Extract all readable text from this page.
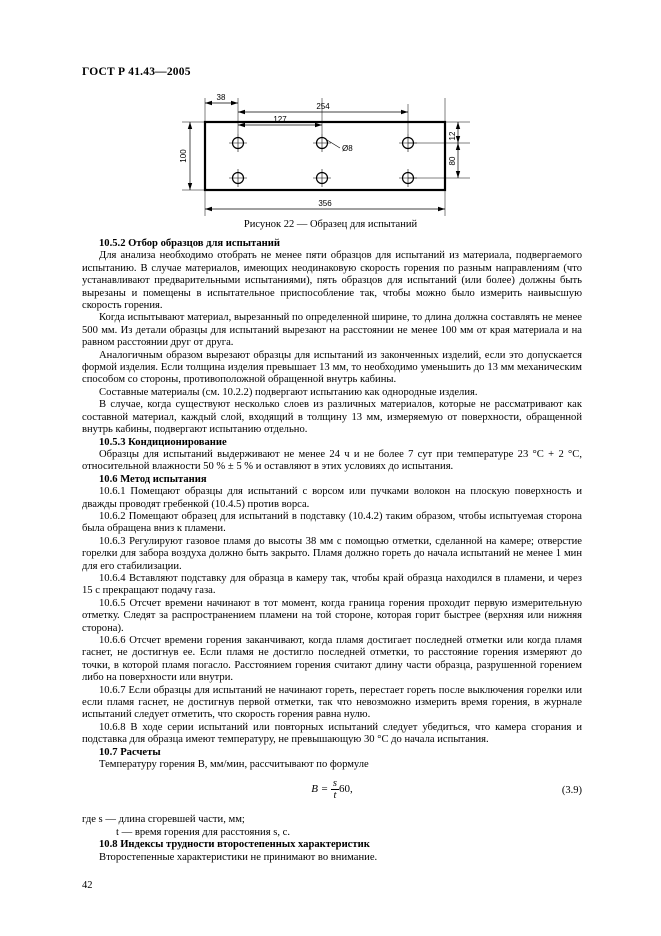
ГОСТ Р 41.43—2005
38
254
127
Ø8
12
80
100
356
Рисунок 22 — Образец для испытаний

10.5.2 Отбор образцов для испытаний

Для анализа необходимо отобрать не менее пяти образцов для испытаний из материала, подвергаемого испытанию. В случае материалов, имеющих неодинаковую скорость горения по разным направлениям (что устанавливают предварительными испытаниями), пять образцов для испытаний (или более) должны быть вырезаны и помещены в испытательное приспособление так, чтобы можно было измерить наивысшую скорость горения.

Когда испытывают материал, вырезанный по определенной ширине, то длина должна составлять не менее 500 мм. Из детали образцы для испытаний вырезают на расстоянии не менее 100 мм от края материала и на равном расстоянии друг от друга.

Аналогичным образом вырезают образцы для испытаний из законченных изделий, если это допускается формой изделия. Если толщина изделия превышает 13 мм, то необходимо уменьшить до 13 мм механическим способом со стороны, противоположной обращенной внутрь кабины.

Составные материалы (см. 10.2.2) подвергают испытанию как однородные изделия.

В случае, когда существуют несколько слоев из различных материалов, которые не рассматривают как составной материал, каждый слой, входящий в толщину 13 мм, измеряемую от поверхности, обращенной внутрь кабины, подвергают испытанию отдельно.

10.5.3 Кондиционирование

Образцы для испытаний выдерживают не менее 24 ч и не более 7 сут при температуре 23 °С + 2 °С, относительной влажности 50 % ± 5 % и оставляют в этих условиях до испытания.

10.6 Метод испытания

10.6.1 Помещают образцы для испытаний с ворсом или пучками волокон на плоскую поверхность и дважды проводят гребенкой (10.4.5) против ворса.

10.6.2 Помещают образец для испытаний в подставку (10.4.2) таким образом, чтобы испытуемая сторона была обращена вниз к пламени.

10.6.3 Регулируют газовое пламя до высоты 38 мм с помощью отметки, сделанной на камере; отверстие горелки для забора воздуха должно быть закрыто. Пламя должно гореть до начала испытаний не менее 1 мин для его стабилизации.

10.6.4 Вставляют подставку для образца в камеру так, чтобы край образца находился в пламени, и через 15 с прекращают подачу газа.

10.6.5 Отсчет времени начинают в тот момент, когда граница горения проходит первую измерительную отметку. Следят за распространением пламени на той стороне, которая горит быстрее (верхняя или нижняя сторона).

10.6.6 Отсчет времени горения заканчивают, когда пламя достигает последней отметки или когда пламя гаснет, не достигнув ее. Если пламя не достигло последней отметки, то расстояние горения измеряют до точки, в которой пламя погасло. Расстоянием горения считают длину части образца, разрушенной горением либо на поверхности или внутри.

10.6.7 Если образцы для испытаний не начинают гореть, перестает гореть после выключения горелки или если пламя гаснет, не достигнув первой отметки, так что невозможно измерить время горения, в журнале испытаний следует отметить, что скорость горения равна нулю.

10.6.8 В ходе серии испытаний или повторных испытаний следует убедиться, что камера сгорания и подставка для образца имеют температуру, не превышающую 30 °С до начала испытания.

10.7 Расчеты

Температуру горения В, мм/мин, рассчитывают по формуле

$B = \frac{s}{t} 60$,	(3.9)

где s — длина сгоревшей части, мм;

t — время горения для расстояния s, с.

10.8 Индексы трудности второстепенных характеристик

Второстепенные характеристики не принимают во внимание.

42
